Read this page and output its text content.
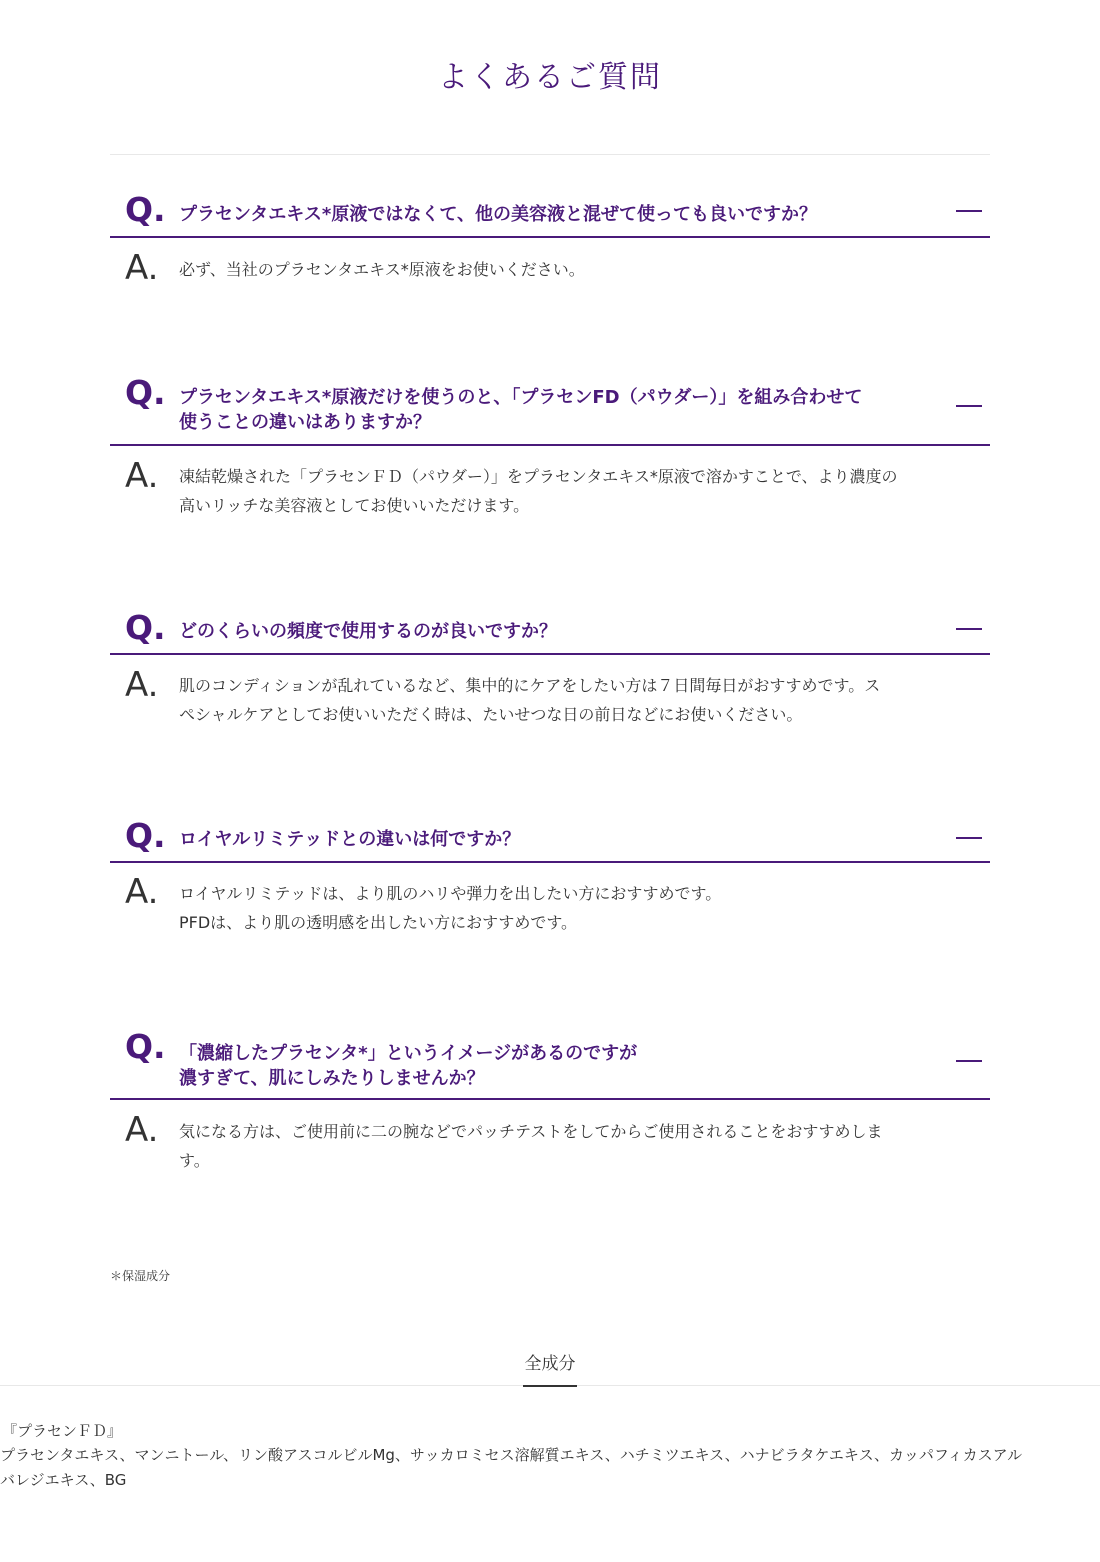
よくあるご質問
Q. プラセンタエキス*原液ではなくて、他の美容液と混ぜて使っても良いですか？
A. 必ず、当社のプラセンタエキス*原液をお使いください。
Q. プラセンタエキス*原液だけを使うのと、「プラセンFD（パウダー）」を組み合わせて
使うことの違いはありますか？
A. 凍結乾燥された「プラセンＦＤ（パウダー）」をプラセンタエキス*原液で溶かすことで、より濃度の
高いリッチな美容液としてお使いいただけます。
Q. どのくらいの頻度で使用するのが良いですか？
A. 肌のコンディションが乱れているなど、集中的にケアをしたい方は７日間毎日がおすすめです。ス
ペシャルケアとしてお使いいただく時は、たいせつな日の前日などにお使いください。
Q. ロイヤルリミテッドとの違いは何ですか？
A. ロイヤルリミテッドは、より肌のハリや弾力を出したい方におすすめです。
PFDは、より肌の透明感を出したい方におすすめです。
Q. 「濃縮したプラセンタ*」というイメージがあるのですが
濃すぎて、肌にしみたりしませんか？
A. 気になる方は、ご使用前に二の腕などでパッチテストをしてからご使用されることをおすすめしま
す。
＊保湿成分
全成分
『プラセンＦＤ』
プラセンタエキス、マンニトール、リン酸アスコルビルMg、サッカロミセス溶解質エキス、ハチミツエキス、ハナビラタケエキス、カッパフィカスアル
バレジエキス、BG
